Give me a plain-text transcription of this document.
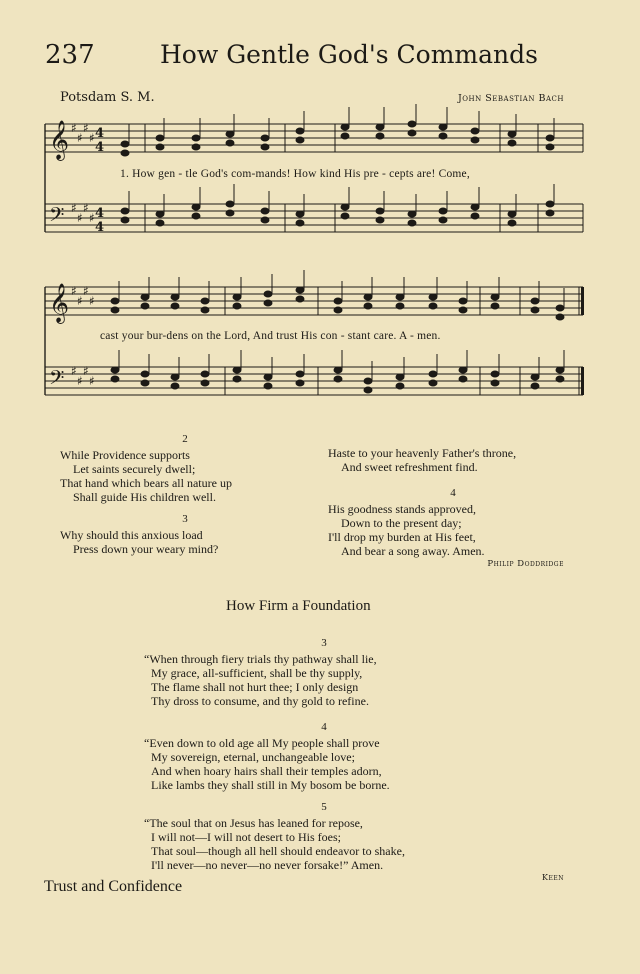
237	How Gentle God's Commands
Potsdam S. M.	John Sebastian Bach
𝄞 ♯
♯
♯
♯ 4
4
𝄢 ♯
♯
♯
♯ 4
4
𝄞 ♯
♯
♯
♯
𝄢 ♯
♯
♯
♯
1. How gen - tle God's com-mands! How kind His pre - cepts are! Come,
cast your bur-dens on the Lord, And trust His con - stant care. A - men.
2
While Providence supports
Let saints securely dwell;
That hand which bears all nature up
Shall guide His children well.
3
Why should this anxious load
Press down your weary mind?
Haste to your heavenly Father's throne,
And sweet refreshment find.
4
His goodness stands approved,
Down to the present day;
I'll drop my burden at His feet,
And bear a song away. Amen.
Philip Doddridge
How Firm a Foundation
3
“When through fiery trials thy pathway shall lie,
My grace, all-sufficient, shall be thy supply,
The flame shall not hurt thee; I only design
Thy dross to consume, and thy gold to refine.
4
“Even down to old age all My people shall prove
My sovereign, eternal, unchangeable love;
And when hoary hairs shall their temples adorn,
Like lambs they shall still in My bosom be borne.
5
“The soul that on Jesus has leaned for repose,
I will not—I will not desert to His foes;
That soul—though all hell should endeavor to shake,
I'll never—no never—no never forsake!” Amen.
Keen
Trust and Confidence
